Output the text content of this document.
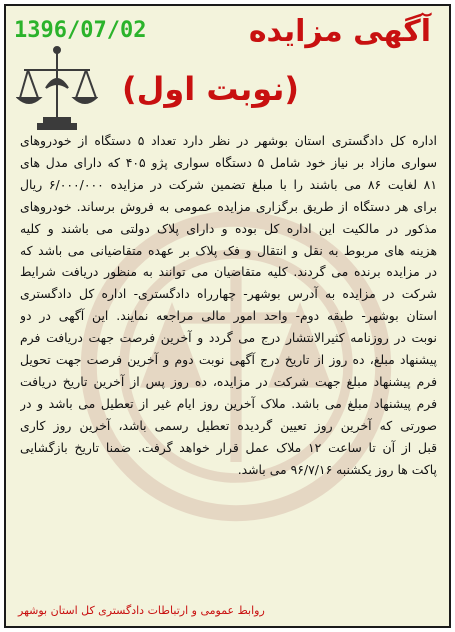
1396/07/02	آگهی مزایده
(نوبت اول)
اداره کل دادگستری استان بوشهر در نظر دارد تعداد ۵ دستگاه از خودروهای
سواری مازاد بر نیاز خود شامل ۵ دستگاه سواری پژو ۴۰۵ که دارای مدل های
۸۱ لغایت ۸۶ می باشند را با مبلغ تضمین شرکت در مزایده ۶/۰۰۰/۰۰۰ ریال
برای هر دستگاه از طریق برگزاری مزایده عمومی به فروش برساند. خودروهای
مذکور در مالکیت این اداره کل بوده و دارای پلاک دولتی می باشند و کلیه
هزینه های مربوط به نقل و انتقال و فک پلاک بر عهده متقاضیانی می باشد که
در مزایده برنده می گردند. کلیه متقاضیان می توانند به منظور دریافت شرایط
شرکت در مزایده به آدرس بوشهر- چهارراه دادگستری- اداره کل دادگستری
استان بوشهر- طبقه دوم- واحد امور مالی مراجعه نمایند. این آگهی در دو
نوبت در روزنامه کثیرالانتشار درج می گردد و آخرین فرصت جهت دریافت فرم
پیشنهاد مبلغ، ده روز از تاریخ درج آگهی نوبت دوم و آخرین فرصت جهت تحویل
فرم پیشنهاد مبلغ جهت شرکت در مزایده، ده روز پس از آخرین تاریخ دریافت
فرم پیشنهاد مبلغ می باشد. ملاک آخرین روز ایام غیر از تعطیل می باشد و در
صورتی که آخرین روز تعیین گردیده تعطیل رسمی باشد، آخرین روز کاری
قبل از آن تا ساعت ۱۲ ملاک عمل قرار خواهد گرفت. ضمنا تاریخ بازگشایی
پاکت ها روز یکشنبه ۹۶/۷/۱۶ می باشد.
روابط عمومی و ارتباطات دادگستری کل استان بوشهر
